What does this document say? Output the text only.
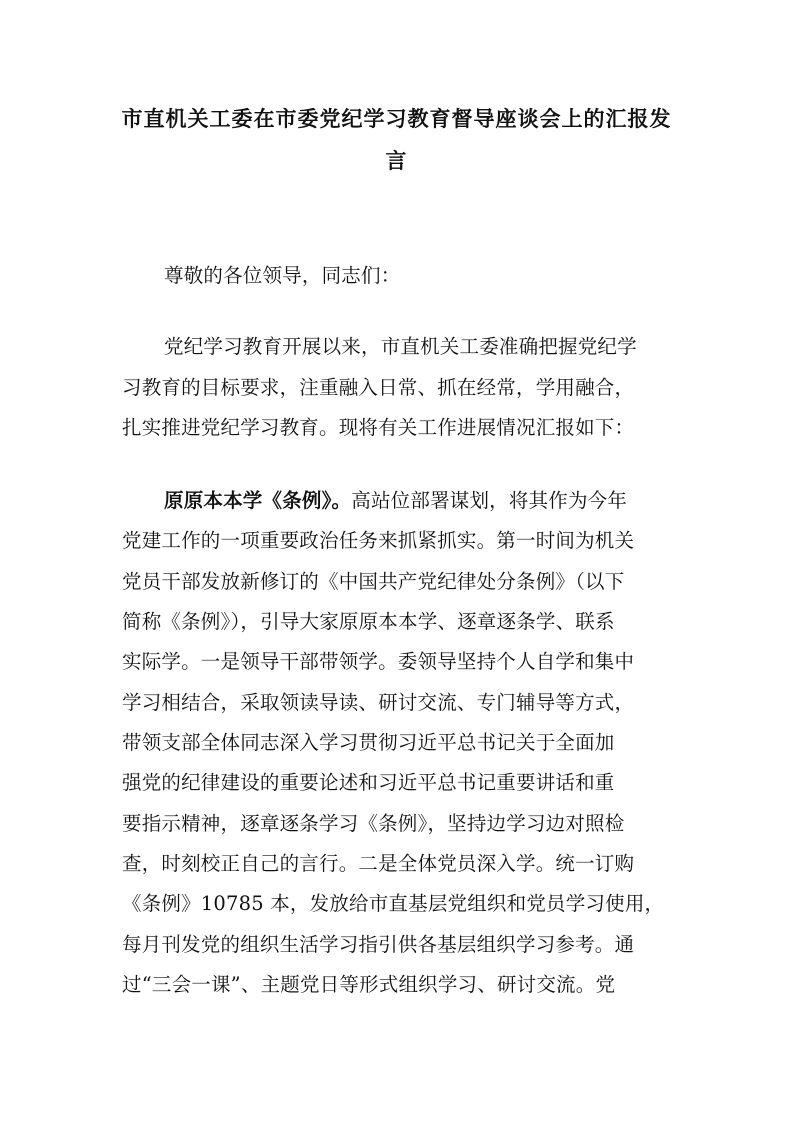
市直机关工委在市委党纪学习教育督导座谈会上的汇报发
言

尊敬的各位领导，同志们：

党纪学习教育开展以来，市直机关工委准确把握党纪学

习教育的目标要求，注重融入日常、抓在经常，学用融合，

扎实推进党纪学习教育。现将有关工作进展情况汇报如下：

原原本本学《条例》。高站位部署谋划，将其作为今年

党建工作的一项重要政治任务来抓紧抓实。第一时间为机关

党员干部发放新修订的《中国共产党纪律处分条例》（以下

简称《条例》），引导大家原原本本学、逐章逐条学、联系

实际学。一是领导干部带领学。委领导坚持个人自学和集中

学习相结合，采取领读导读、研讨交流、专门辅导等方式，

带领支部全体同志深入学习贯彻习近平总书记关于全面加

强党的纪律建设的重要论述和习近平总书记重要讲话和重

要指示精神，逐章逐条学习《条例》，坚持边学习边对照检

查，时刻校正自己的言行。二是全体党员深入学。统一订购

《条例》10785 本，发放给市直基层党组织和党员学习使用，

每月刊发党的组织生活学习指引供各基层组织学习参考。通

过“三会一课”、主题党日等形式组织学习、研讨交流。党
